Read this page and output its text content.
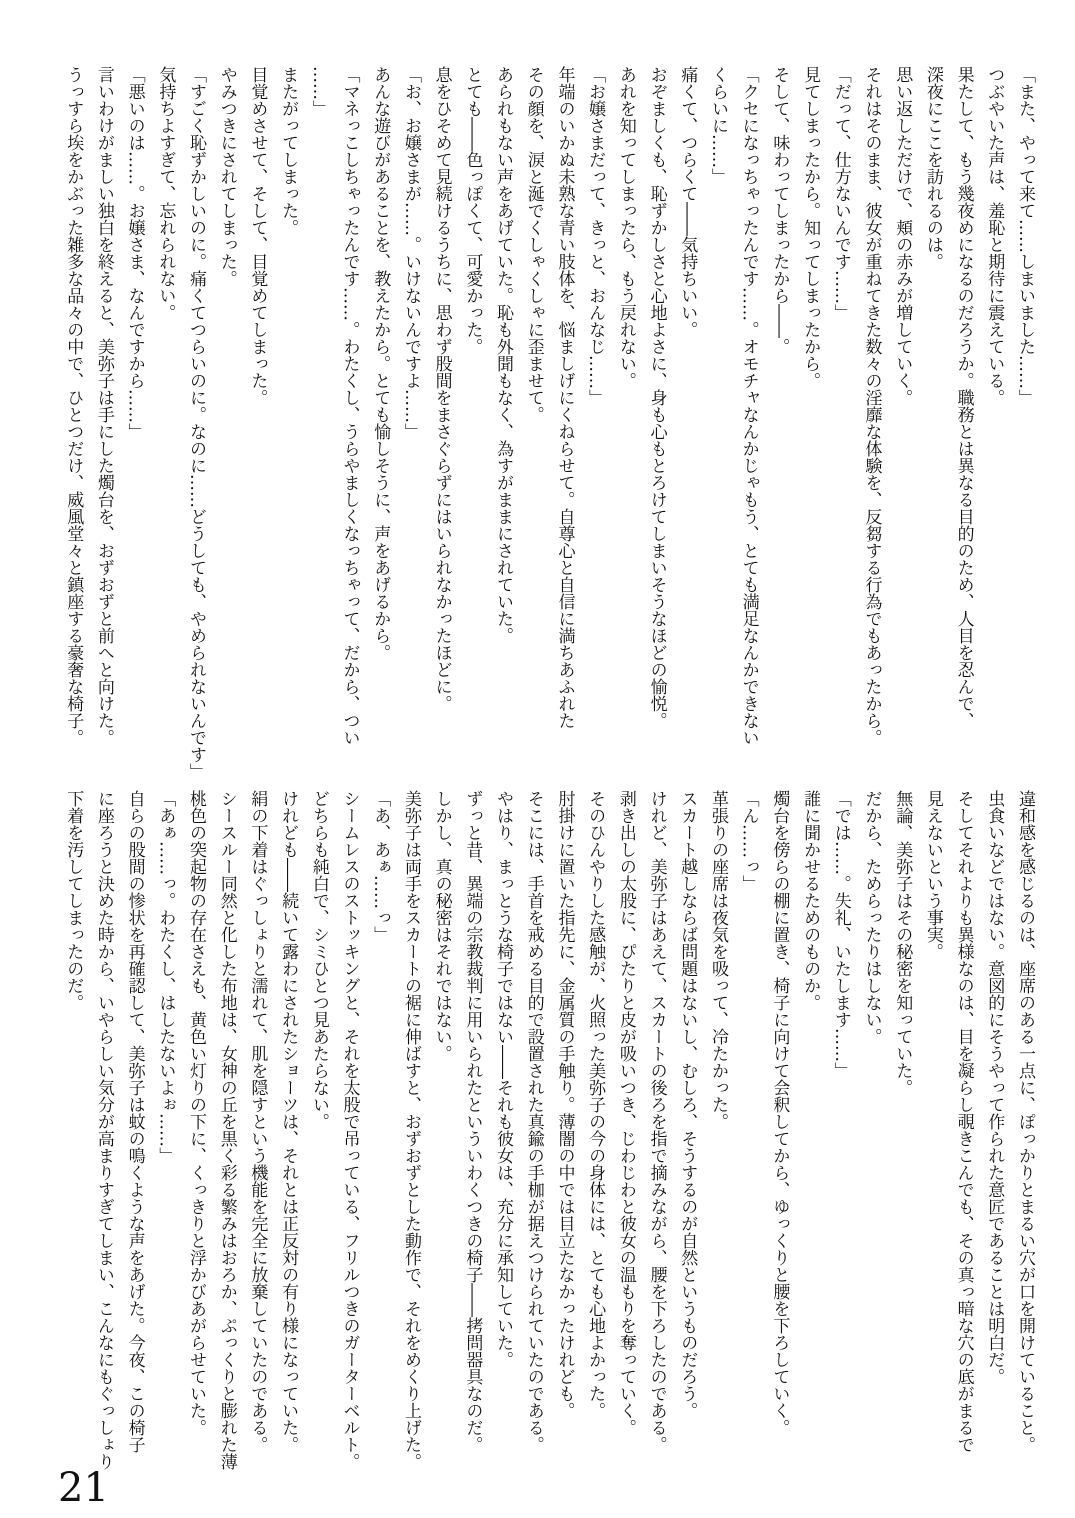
「また、やって来て……しまいました……」

つぶやいた声は、羞恥と期待に震えている。

果たして、もう幾夜めになるのだろうか。職務とは異なる目的のため、人目を忍んで、

深夜にここを訪れるのは。

思い返しただけで、頬の赤みが増していく。

それはそのまま、彼女が重ねてきた数々の淫靡な体験を、反芻する行為でもあったから。

「だって、仕方ないんです……」

見てしまったから。知ってしまったから。

そして、味わってしまったから――。

「クセになっちゃったんです……。オモチャなんかじゃもう、とても満足なんかできない

くらいに……」

痛くて、つらくて――気持ちいい。

おぞましくも、恥ずかしさと心地よさに、身も心もとろけてしまいそうなほどの愉悦。

あれを知ってしまったら、もう戻れない。

「お嬢さまだって、きっと、おんなじ……」

年端のいかぬ未熟な青い肢体を、悩ましげにくねらせて。自尊心と自信に満ちあふれた

その顔を、涙と涎でくしゃくしゃに歪ませて。

あられもない声をあげていた。恥も外聞もなく、為すがままにされていた。

とても――色っぽくて、可愛かった。

息をひそめて見続けるうちに、思わず股間をまさぐらずにはいられなかったほどに。

「お、お嬢さまが……。いけないんですよ……」

あんな遊びがあることを、教えたから。とても愉しそうに、声をあげるから。

「マネっこしちゃったんです……。わたくし、うらやましくなっちゃって、だから、つい

……」

またがってしまった。

目覚めさせて、そして、目覚めてしまった。

やみつきにされてしまった。

「すごく恥ずかしいのに。痛くてつらいのに。なのに……どうしても、やめられないんです」

気持ちよすぎて、忘れられない。

「悪いのは……。お嬢さま、なんですから……」

言いわけがましい独白を終えると、美弥子は手にした燭台を、おずおずと前へと向けた。

うっすら埃をかぶった雑多な品々の中で、ひとつだけ、威風堂々と鎮座する豪奢な椅子。

違和感を感じるのは、座席のある一点に、ぽっかりとまるい穴が口を開けていること。

虫食いなどではない。意図的にそうやって作られた意匠であることは明白だ。

そしてそれよりも異様なのは、目を凝らし覗きこんでも、その真っ暗な穴の底がまるで

見えないという事実。

無論、美弥子はその秘密を知っていた。

だから、ためらったりはしない。

「では……。失礼、いたします……」

誰に聞かせるためのものか。

燭台を傍らの棚に置き、椅子に向けて会釈してから、ゆっくりと腰を下ろしていく。

「ん……っ」

革張りの座席は夜気を吸って、冷たかった。

スカート越しならば問題はないし、むしろ、そうするのが自然というものだろう。

けれど、美弥子はあえて、スカートの後ろを指で摘みながら、腰を下ろしたのである。

剥き出しの太股に、ぴたりと皮が吸いつき、じわじわと彼女の温もりを奪っていく。

そのひんやりした感触が、火照った美弥子の今の身体には、とても心地よかった。

肘掛けに置いた指先に、金属質の手触り。薄闇の中では目立たなかったけれども。

そこには、手首を戒める目的で設置された真鍮の手枷が据えつけられていたのである。

やはり、まっとうな椅子ではない――それも彼女は、充分に承知していた。

ずっと昔、異端の宗教裁判に用いられたといういわくつきの椅子――拷問器具なのだ。

しかし、真の秘密はそれではない。

美弥子は両手をスカートの裾に伸ばすと、おずおずとした動作で、それをめくり上げた。

「あ、あぁ……っ」

シームレスのストッキングと、それを太股で吊っている、フリルつきのガーターベルト。

どちらも純白で、シミひとつ見あたらない。

けれども――続いて露わにされたショーツは、それとは正反対の有り様になっていた。

絹の下着はぐっしょりと濡れて、肌を隠すという機能を完全に放棄していたのである。

シースルー同然と化した布地は、女神の丘を黒く彩る繁みはおろか、ぷっくりと膨れた薄

桃色の突起物の存在さえも、黄色い灯りの下に、くっきりと浮かびあがらせていた。

「あぁ……っ。わたくし、はしたないよぉ……」

自らの股間の惨状を再確認して、美弥子は蚊の鳴くような声をあげた。今夜、この椅子

に座ろうと決めた時から、いやらしい気分が高まりすぎてしまい、こんなにもぐっしょり

下着を汚してしまったのだ。

21
